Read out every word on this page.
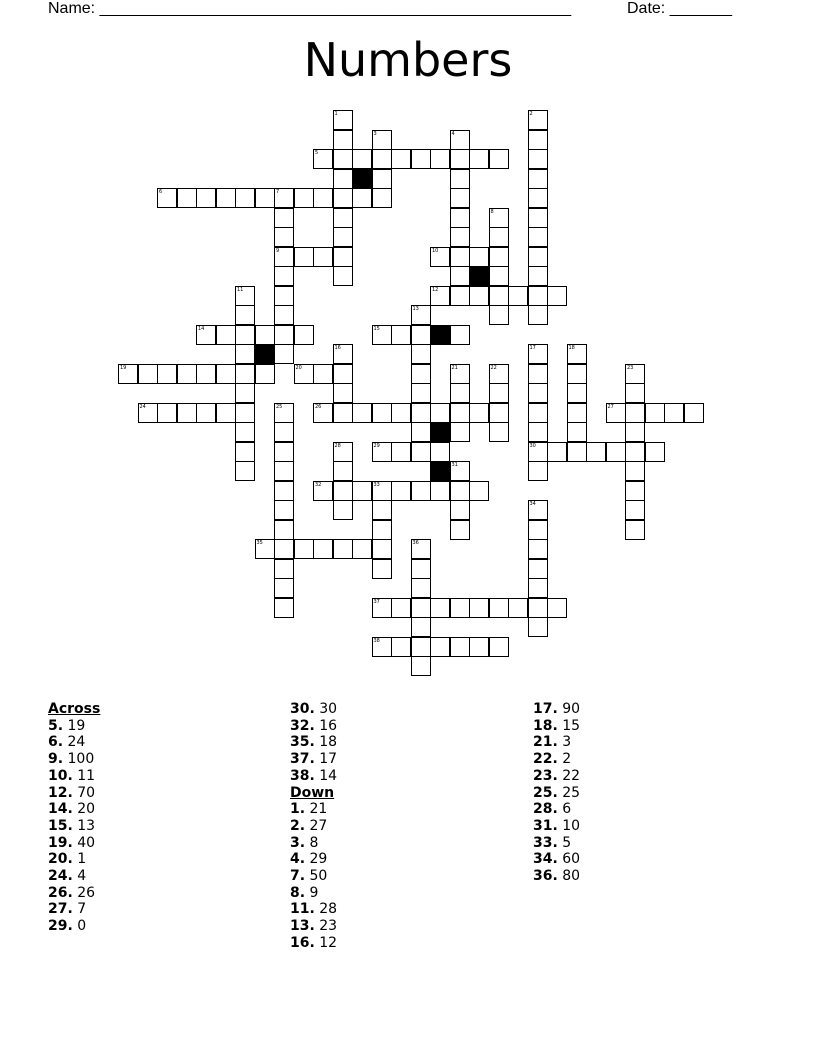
Name: _____________________________________________________	Date: _______
Numbers
1	2
3	4
5
6	7
9
8
10
11	12
13
14	15
16	17
30
18
19	20	21	22	23
24	25	26	27
28	29
31
32	33
34
35	36
37
38
Across
5. 19
6. 24
9. 100
10. 11
12. 70
14. 20
15. 13
19. 40
20. 1
24. 4
26. 26
27. 7
29. 0
30. 30
32. 16
35. 18
37. 17
38. 14
Down
1. 21
2. 27
3. 8
4. 29
7. 50
8. 9
11. 28
13. 23
16. 12
17. 90
18. 15
21. 3
22. 2
23. 22
25. 25
28. 6
31. 10
33. 5
34. 60
36. 80
